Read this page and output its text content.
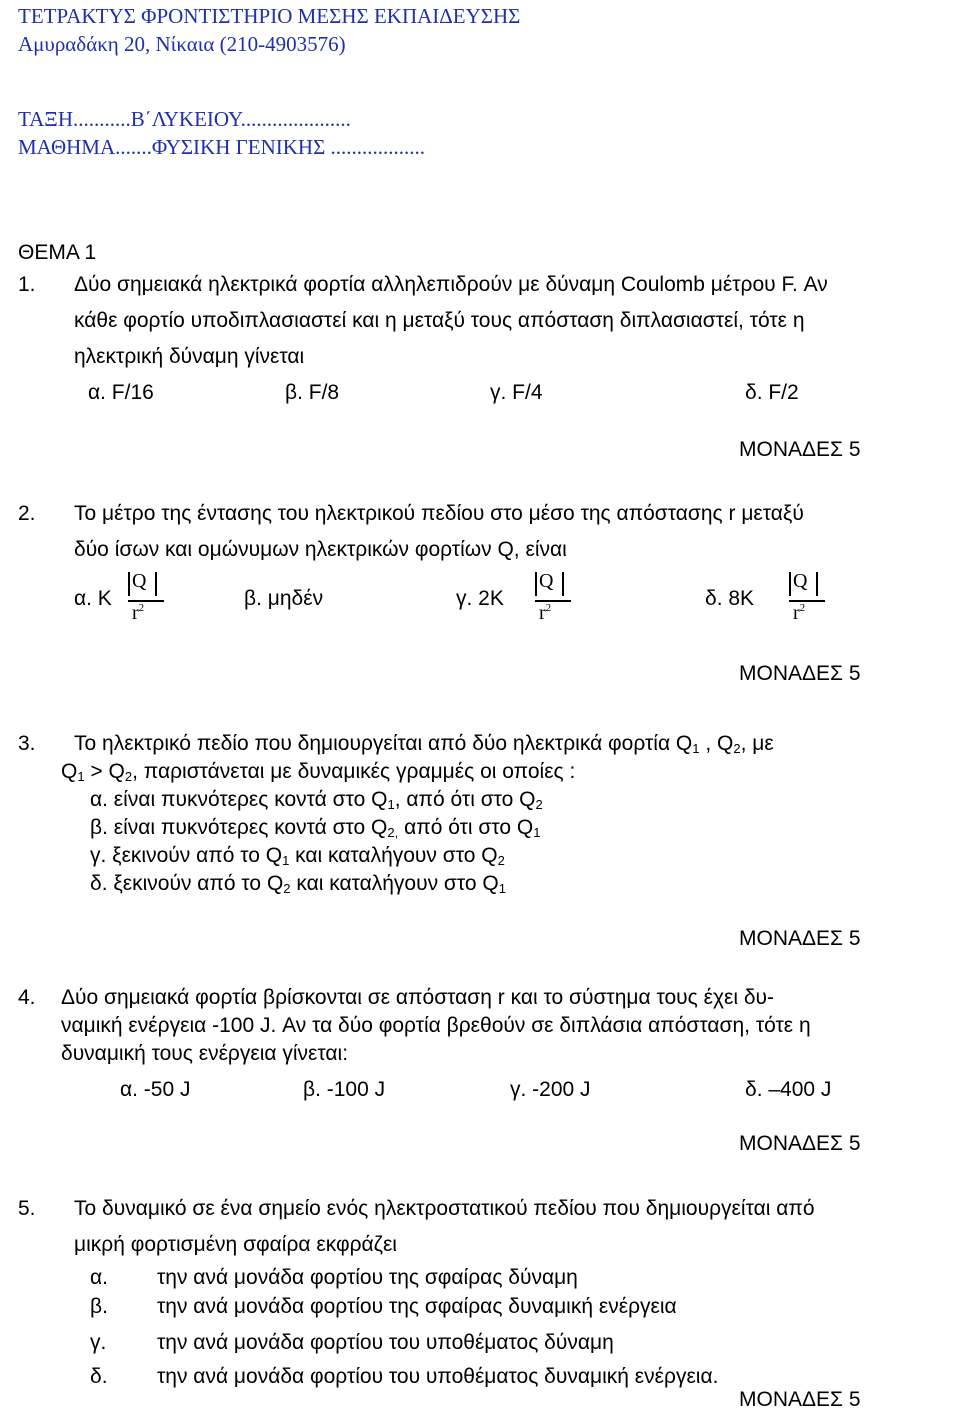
ΤΕΤΡΑΚΤΥΣ ΦΡΟΝΤΙΣΤΗΡΙΟ ΜΕΣΗΣ ΕΚΠΑΙΔΕΥΣΗΣ
Αμυραδάκη 20, Νίκαια (210-4903576)
ΤΑΞΗ...........Β΄ΛΥΚΕΙΟΥ.....................
ΜΑΘΗΜΑ.......ΦΥΣΙΚΗ ΓΕΝΙΚΗΣ ..................
ΘΕΜΑ 1
1. Δύο σημειακά ηλεκτρικά φορτία αλληλεπιδρούν με δύναμη Coulomb μέτρου F. Αν
κάθε φορτίο υποδιπλασιαστεί και η μεταξύ τους απόσταση διπλασιαστεί, τότε η
ηλεκτρική δύναμη γίνεται
α. F/16	β. F/8	γ. F/4	δ. F/2
ΜΟΝΑΔΕΣ 5
2. Το μέτρο της έντασης του ηλεκτρικού πεδίου στο μέσο της απόστασης r μεταξύ
δύο ίσων και ομώνυμων ηλεκτρικών φορτίων Q, είναι
α. K
Q
$r^2$	β. μηδέν	γ. 2K
Q
$r^2$	δ. 8K
Q
$r^2$
ΜΟΝΑΔΕΣ 5
3. Το ηλεκτρικό πεδίο που δημιουργείται από δύο ηλεκτρικά φορτία $Q_1$ , $Q_2$, με
$Q_1 > Q_2$, παριστάνεται με δυναμικές γραμμές οι οποίες :
α. είναι πυκνότερες κοντά στο $Q_1$, από ότι στο $Q_2$
β. είναι πυκνότερες κοντά στο $Q_{2,}$ από ότι στο $Q_1$
γ. ξεκινούν από το $Q_1$ και καταλήγουν στο $Q_2$
δ. ξεκινούν από το $Q_2$ και καταλήγουν στο $Q_1$
ΜΟΝΑΔΕΣ 5
4. Δύο σημειακά φορτία βρίσκονται σε απόσταση r και το σύστημα τους έχει δυ-
ναμική ενέργεια -100 J. Αν τα δύο φορτία βρεθούν σε διπλάσια απόσταση, τότε η
δυναμική τους ενέργεια γίνεται:
α. -50 J	β. -100 J	γ. -200 J	δ. –400 J
ΜΟΝΑΔΕΣ 5
5. Το δυναμικό σε ένα σημείο ενός ηλεκτροστατικού πεδίου που δημιουργείται από
μικρή φορτισμένη σφαίρα εκφράζει
α. την ανά μονάδα φορτίου της σφαίρας δύναμη
β. την ανά μονάδα φορτίου της σφαίρας δυναμική ενέργεια
γ. την ανά μονάδα φορτίου του υποθέματος δύναμη
δ. την ανά μονάδα φορτίου του υποθέματος δυναμική ενέργεια.
ΜΟΝΑΔΕΣ 5
